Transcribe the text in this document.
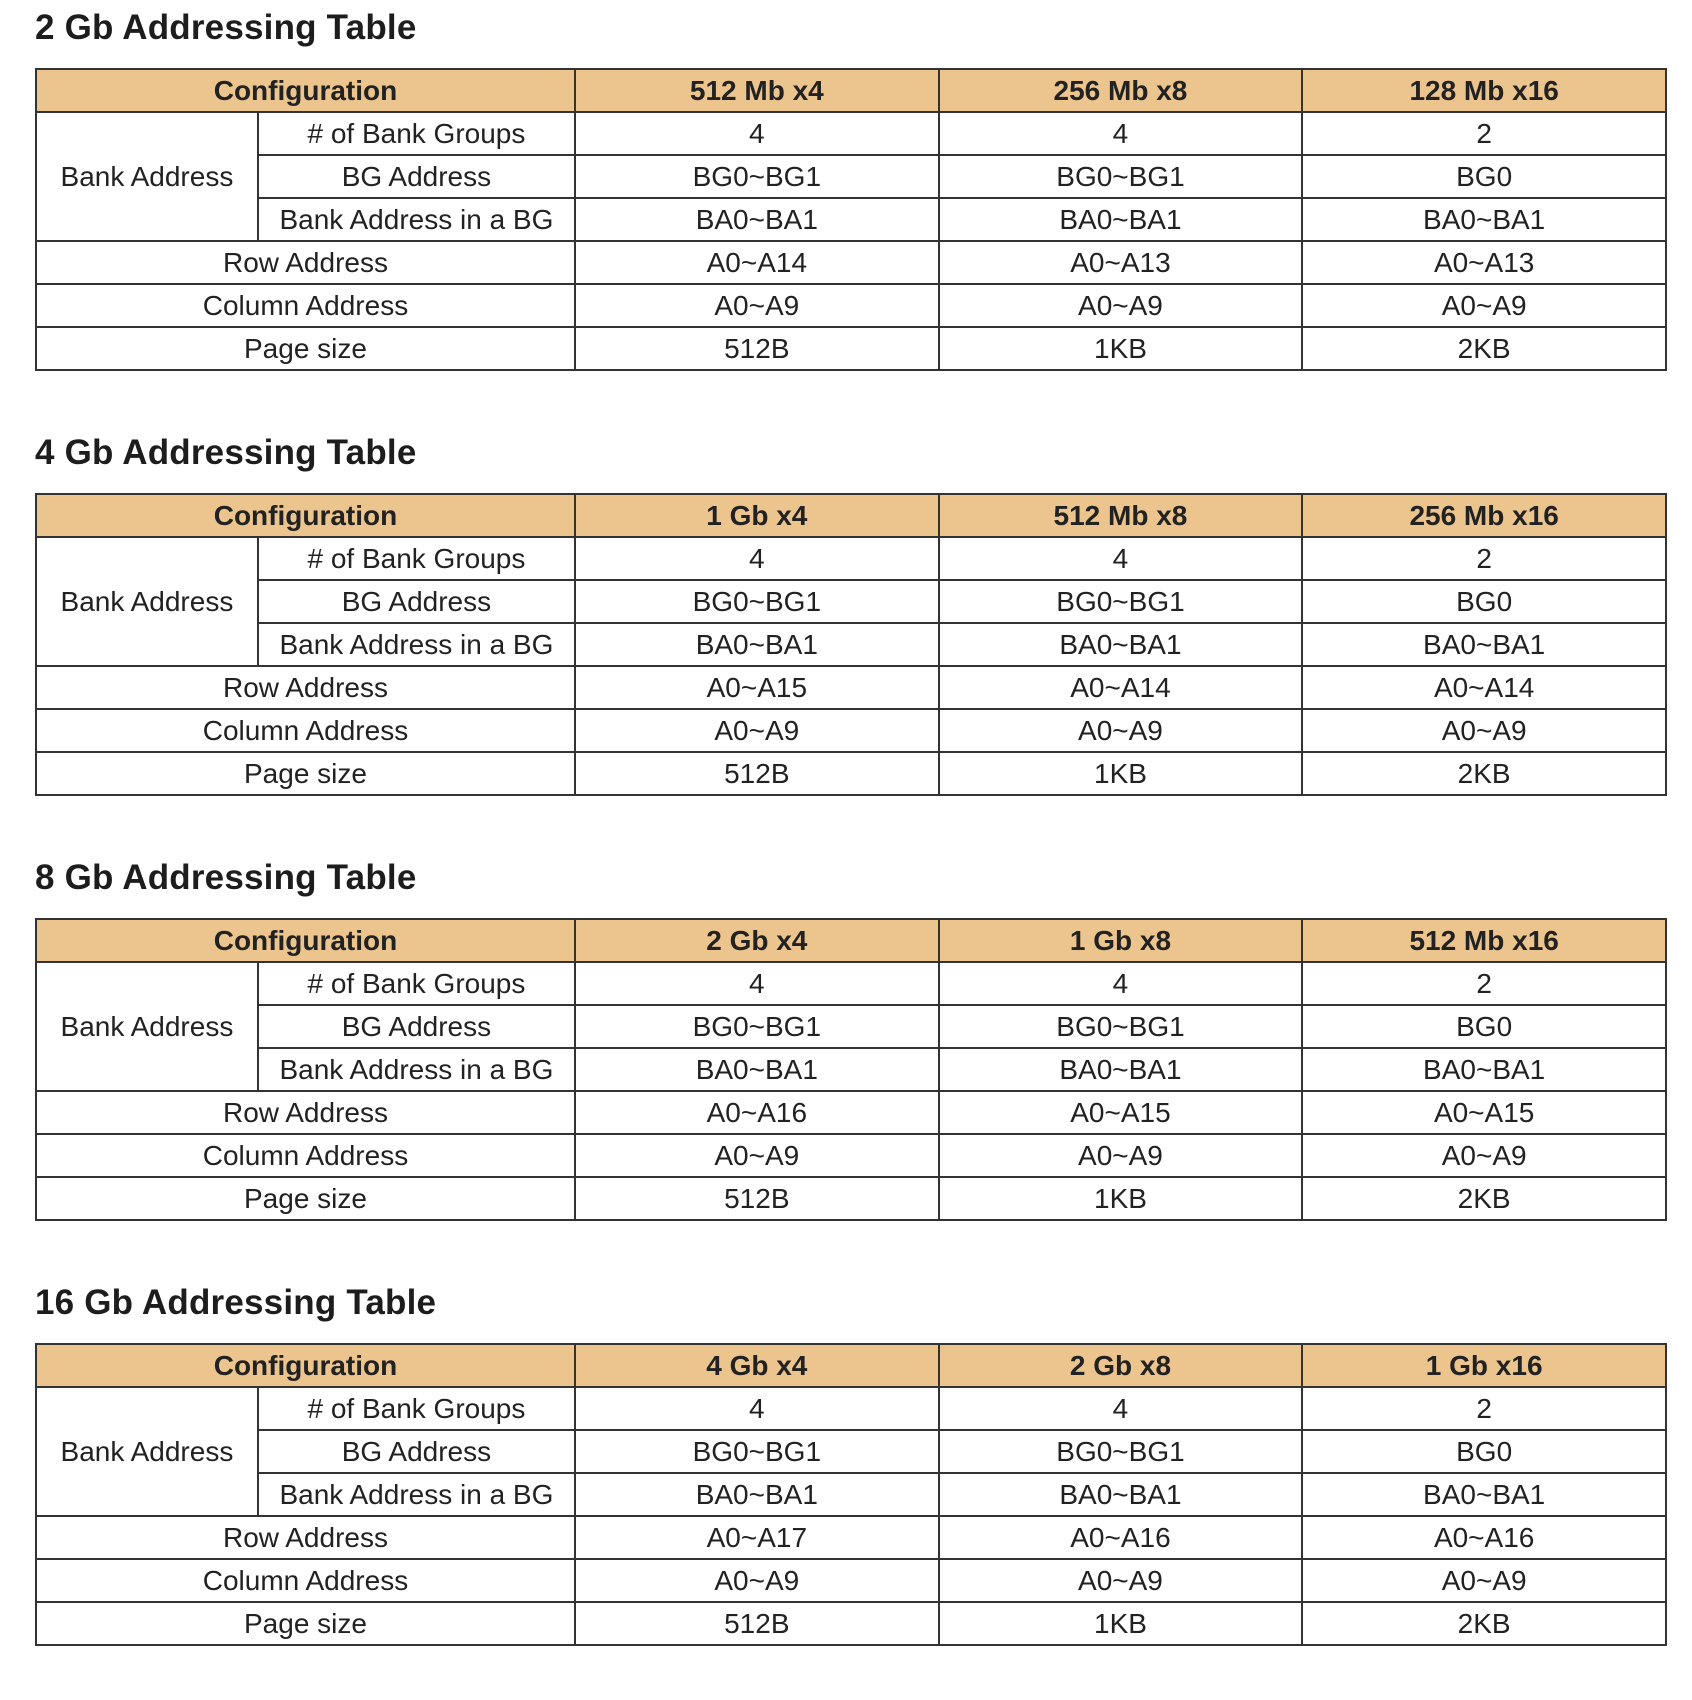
2 Gb Addressing Table
Configuration		512 Mb x4	256 Mb x8	128 Mb x16
Bank Address	# of Bank Groups	4	4	2
	BG Address	BG0~BG1	BG0~BG1	BG0
	Bank Address in a BG	BA0~BA1	BA0~BA1	BA0~BA1
Row Address		A0~A14	A0~A13	A0~A13
Column Address		A0~A9	A0~A9	A0~A9
Page size		512B	1KB	2KB
4 Gb Addressing Table
Configuration		1 Gb x4	512 Mb x8	256 Mb x16
Bank Address	# of Bank Groups	4	4	2
	BG Address	BG0~BG1	BG0~BG1	BG0
	Bank Address in a BG	BA0~BA1	BA0~BA1	BA0~BA1
Row Address		A0~A15	A0~A14	A0~A14
Column Address		A0~A9	A0~A9	A0~A9
Page size		512B	1KB	2KB
8 Gb Addressing Table
Configuration		2 Gb x4	1 Gb x8	512 Mb x16
Bank Address	# of Bank Groups	4	4	2
	BG Address	BG0~BG1	BG0~BG1	BG0
	Bank Address in a BG	BA0~BA1	BA0~BA1	BA0~BA1
Row Address		A0~A16	A0~A15	A0~A15
Column Address		A0~A9	A0~A9	A0~A9
Page size		512B	1KB	2KB
16 Gb Addressing Table
Configuration		4 Gb x4	2 Gb x8	1 Gb x16
Bank Address	# of Bank Groups	4	4	2
	BG Address	BG0~BG1	BG0~BG1	BG0
	Bank Address in a BG	BA0~BA1	BA0~BA1	BA0~BA1
Row Address		A0~A17	A0~A16	A0~A16
Column Address		A0~A9	A0~A9	A0~A9
Page size		512B	1KB	2KB
